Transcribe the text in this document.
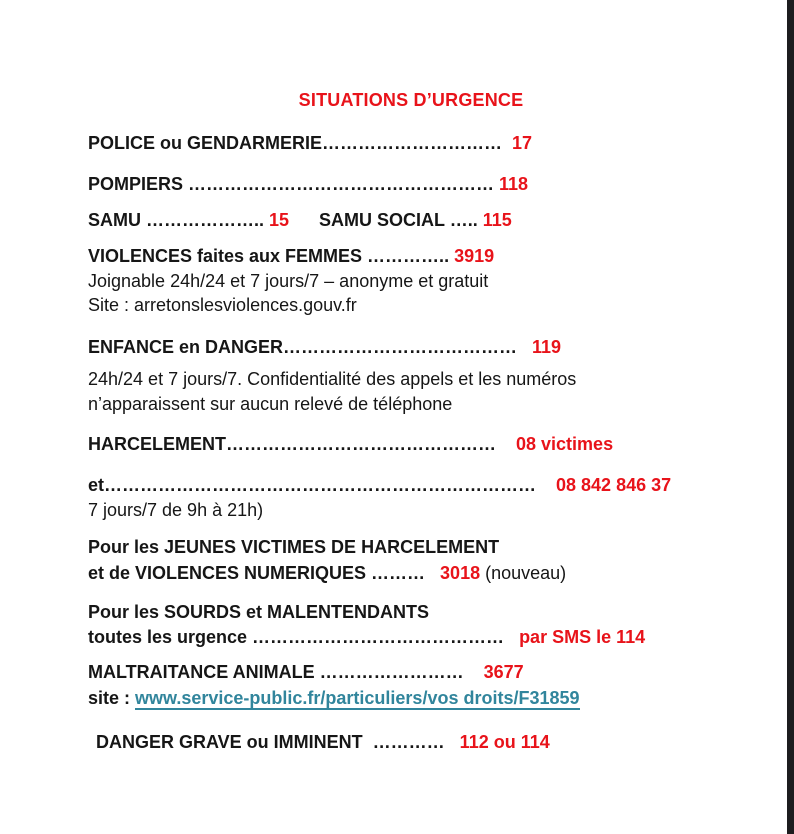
SITUATIONS D’URGENCE

POLICE ou GENDARMERIE…………………………  17

POMPIERS …………………………………………… 118

SAMU ……………….. 15      SAMU SOCIAL ….. 115

VIOLENCES faites aux FEMMES ………….. 3919

Joignable 24h/24 et 7 jours/7 – anonyme et gratuit

Site : arretonslesviolences.gouv.fr

ENFANCE en DANGER…………………………………   119

24h/24 et 7 jours/7. Confidentialité des appels et les numéros

n’apparaissent sur aucun relevé de téléphone

HARCELEMENT………………………………………    08 victimes

et………………………………………………………………    08 842 846 37

7 jours/7 de 9h à 21h)

Pour les JEUNES VICTIMES DE HARCELEMENT

et de VIOLENCES NUMERIQUES ………   3018 (nouveau)

Pour les SOURDS et MALENTENDANTS

toutes les urgence ……………………………………   par SMS le 114

MALTRAITANCE ANIMALE ……………………    3677

site : www.service-public.fr/particuliers/vos droits/F31859

DANGER GRAVE ou IMMINENT  …………   112 ou 114
